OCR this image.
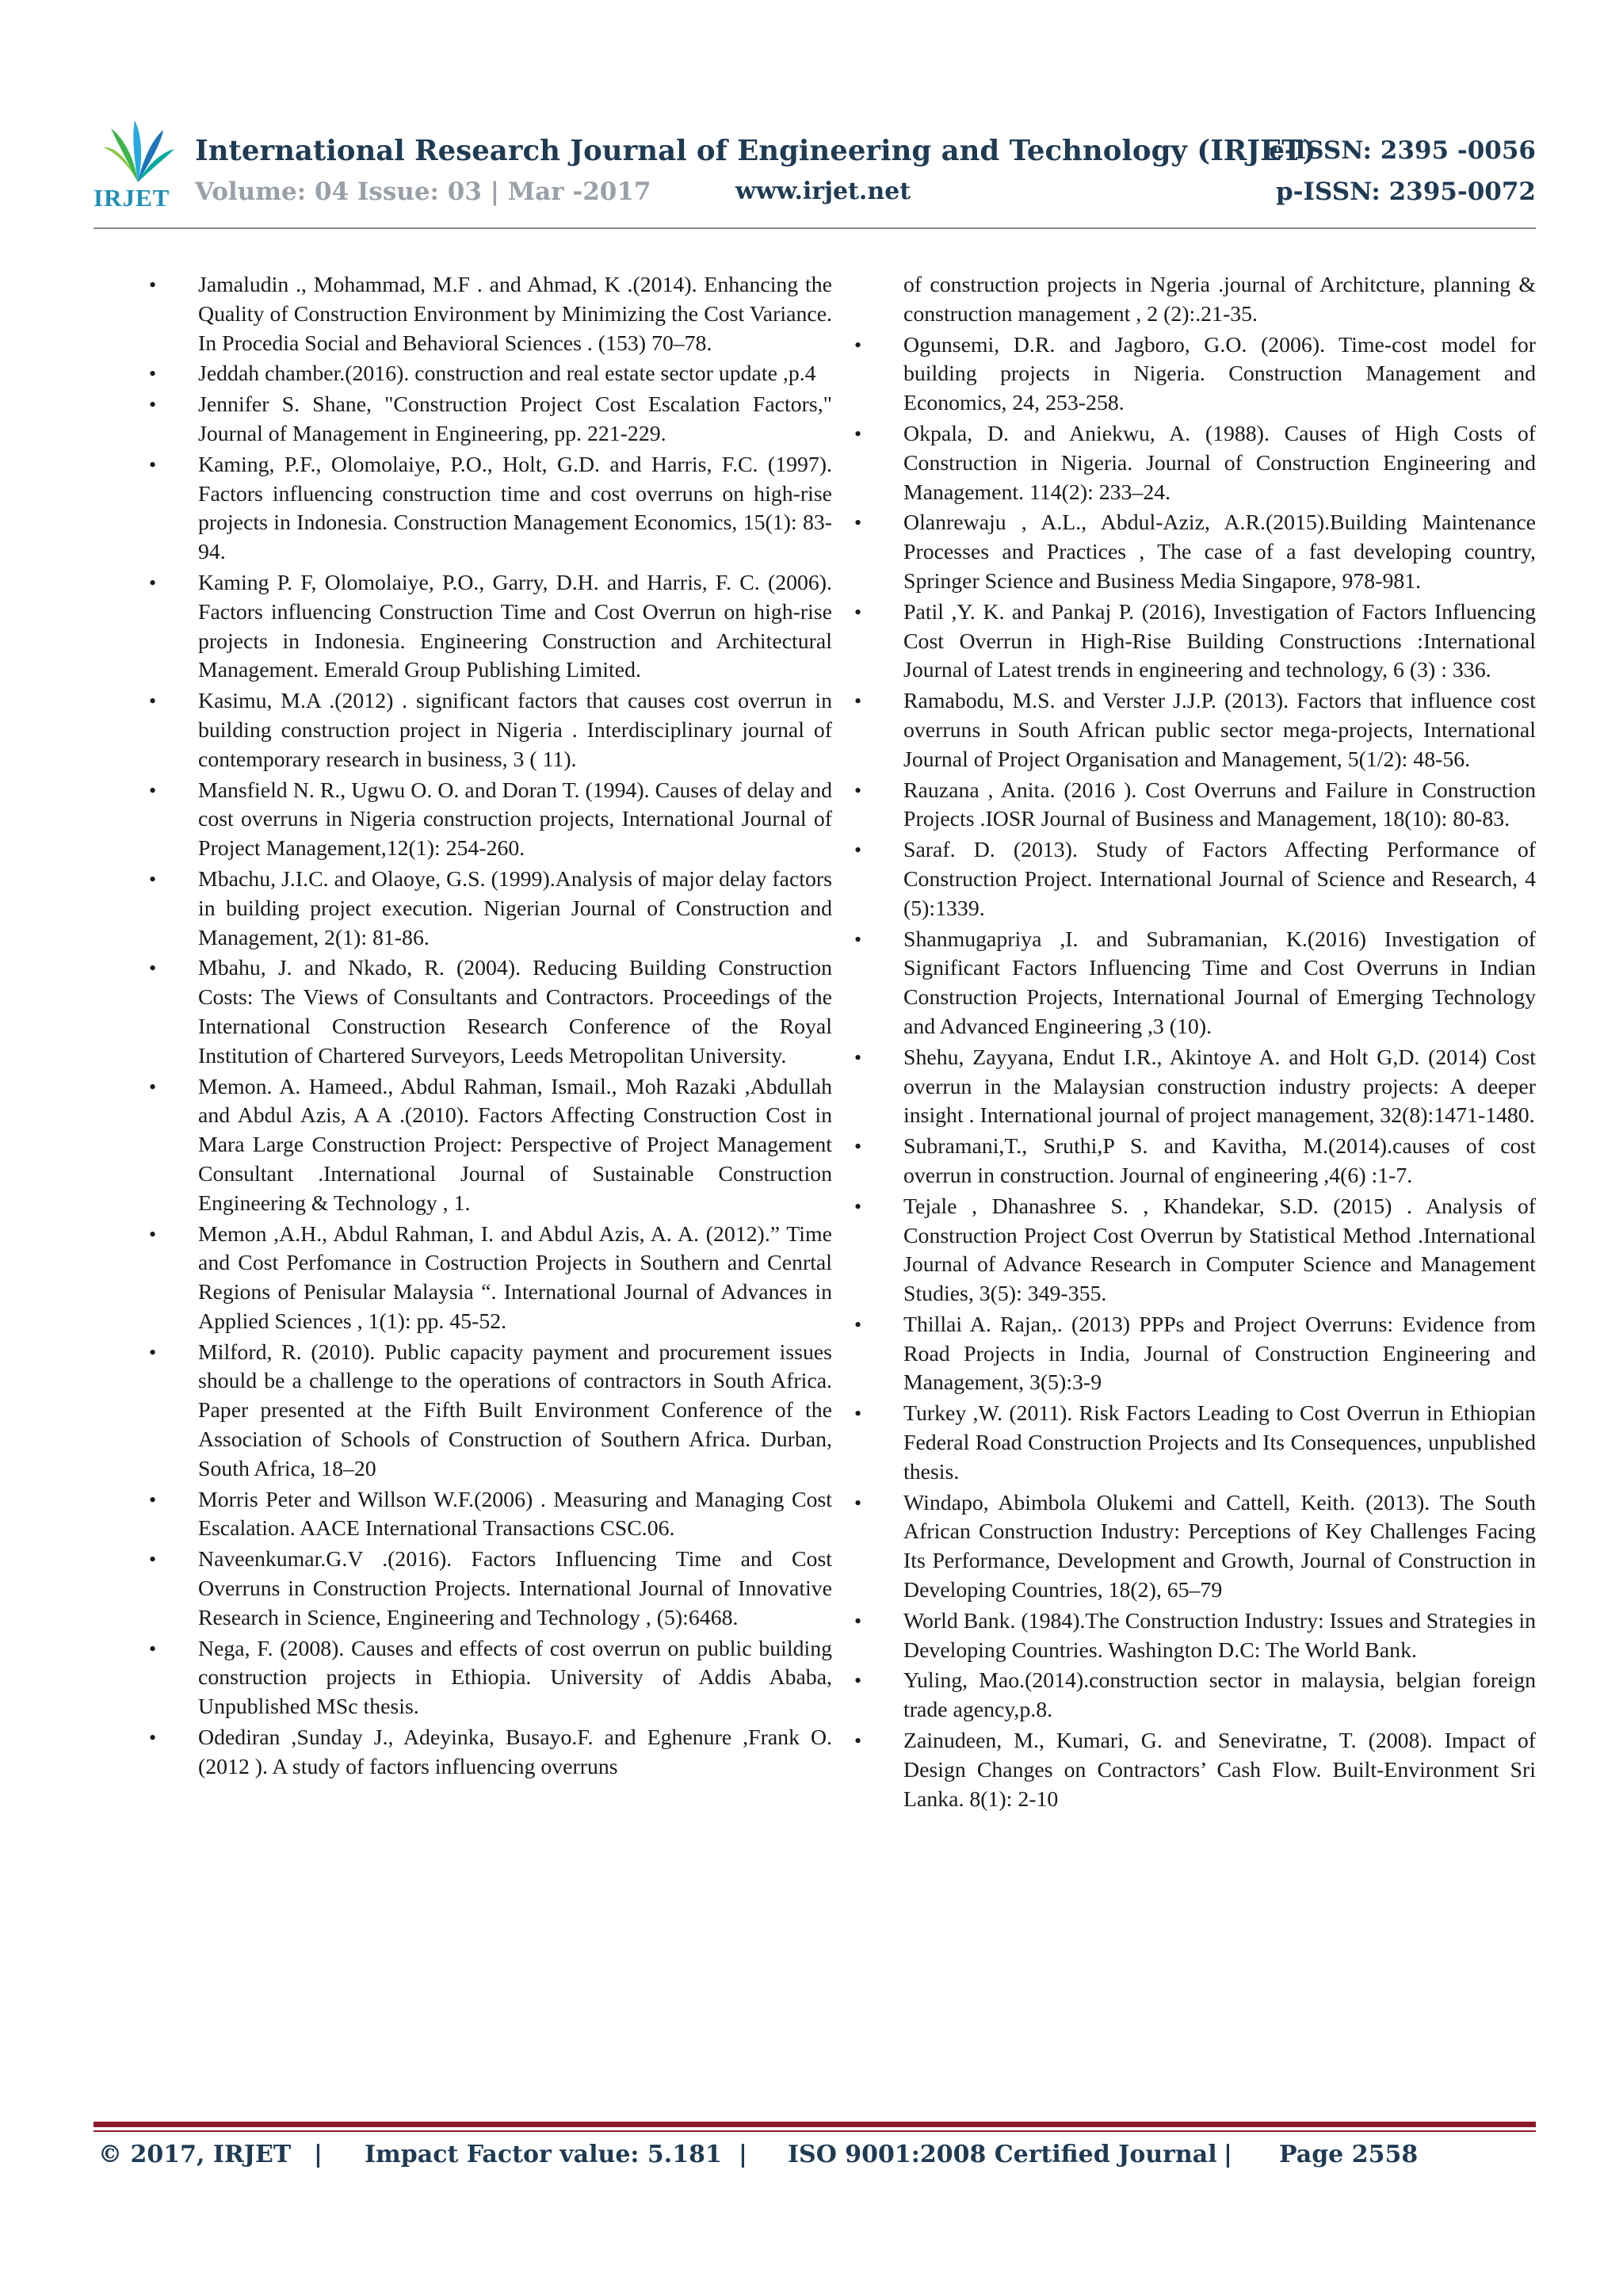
IRJET
International Research Journal of Engineering and Technology (IRJET)
e-ISSN: 2395 -0056
Volume: 04 Issue: 03 | Mar -2017	www.irjet.net	p-ISSN: 2395-0072
• Jamaludin ., Mohammad, M.F . and Ahmad, K .(2014). Enhancing the Quality of Construction Environment by Minimizing the Cost Variance. In Procedia Social and Behavioral Sciences . (153) 70–78.
• Jeddah chamber.(2016). construction and real estate sector update ,p.4
• Jennifer S. Shane, "Construction Project Cost Escalation Factors," Journal of Management in Engineering, pp. 221-229.
• Kaming, P.F., Olomolaiye, P.O., Holt, G.D. and Harris, F.C. (1997). Factors influencing construction time and cost overruns on high-rise projects in Indonesia. Construction Management Economics, 15(1): 83-94.
• Kaming P. F, Olomolaiye, P.O., Garry, D.H. and Harris, F. C. (2006). Factors influencing Construction Time and Cost Overrun on high-rise projects in Indonesia. Engineering Construction and Architectural Management. Emerald Group Publishing Limited.
• Kasimu, M.A .(2012) . significant factors that causes cost overrun in building construction project in Nigeria . Interdisciplinary journal of contemporary research in business, 3 ( 11).
• Mansfield N. R., Ugwu O. O. and Doran T. (1994). Causes of delay and cost overruns in Nigeria construction projects, International Journal of Project Management,12(1): 254-260.
• Mbachu, J.I.C. and Olaoye, G.S. (1999).Analysis of major delay factors in building project execution. Nigerian Journal of Construction and Management, 2(1): 81-86.
• Mbahu, J. and Nkado, R. (2004). Reducing Building Construction Costs: The Views of Consultants and Contractors. Proceedings of the International Construction Research Conference of the Royal Institution of Chartered Surveyors, Leeds Metropolitan University.
• Memon. A. Hameed., Abdul Rahman, Ismail., Moh Razaki ,Abdullah and Abdul Azis, A A .(2010). Factors Affecting Construction Cost in Mara Large Construction Project: Perspective of Project Management Consultant .International Journal of Sustainable Construction Engineering & Technology , 1.
• Memon ,A.H., Abdul Rahman, I. and Abdul Azis, A. A. (2012).” Time and Cost Perfomance in Costruction Projects in Southern and Cenrtal Regions of Penisular Malaysia “. International Journal of Advances in Applied Sciences , 1(1): pp. 45-52.
• Milford, R. (2010). Public capacity payment and procurement issues should be a challenge to the operations of contractors in South Africa. Paper presented at the Fifth Built Environment Conference of the Association of Schools of Construction of Southern Africa. Durban, South Africa, 18–20
• Morris Peter and Willson W.F.(2006) . Measuring and Managing Cost Escalation. AACE International Transactions CSC.06.
• Naveenkumar.G.V .(2016). Factors Influencing Time and Cost Overruns in Construction Projects. International Journal of Innovative Research in Science, Engineering and Technology , (5):6468.
• Nega, F. (2008). Causes and effects of cost overrun on public building construction projects in Ethiopia. University of Addis Ababa, Unpublished MSc thesis.
• Odediran ,Sunday J., Adeyinka, Busayo.F. and Eghenure ,Frank O.(2012 ). A study of factors influencing overruns
of construction projects in Ngeria .journal of Architcture, planning & construction management , 2 (2):.21-35.
• Ogunsemi, D.R. and Jagboro, G.O. (2006). Time-cost model for building projects in Nigeria. Construction Management and Economics, 24, 253-258.
• Okpala, D. and Aniekwu, A. (1988). Causes of High Costs of Construction in Nigeria. Journal of Construction Engineering and Management. 114(2): 233–24.
• Olanrewaju , A.L., Abdul-Aziz, A.R.(2015).Building Maintenance Processes and Practices , The case of a fast developing country, Springer Science and Business Media Singapore, 978-981.
• Patil ,Y. K. and Pankaj P. (2016), Investigation of Factors Influencing Cost Overrun in High-Rise Building Constructions :International Journal of Latest trends in engineering and technology, 6 (3) : 336.
• Ramabodu, M.S. and Verster J.J.P. (2013). Factors that influence cost overruns in South African public sector mega-projects, International Journal of Project Organisation and Management, 5(1/2): 48-56.
• Rauzana , Anita. (2016 ). Cost Overruns and Failure in Construction Projects .IOSR Journal of Business and Management, 18(10): 80-83.
• Saraf. D. (2013). Study of Factors Affecting Performance of Construction Project. International Journal of Science and Research, 4 (5):1339.
• Shanmugapriya ,I. and Subramanian, K.(2016) Investigation of Significant Factors Influencing Time and Cost Overruns in Indian Construction Projects, International Journal of Emerging Technology and Advanced Engineering ,3 (10).
• Shehu, Zayyana, Endut I.R., Akintoye A. and Holt G,D. (2014) Cost overrun in the Malaysian construction industry projects: A deeper insight . International journal of project management, 32(8):1471-1480.
• Subramani,T., Sruthi,P S. and Kavitha, M.(2014).causes of cost overrun in construction. Journal of engineering ,4(6) :1-7.
• Tejale , Dhanashree S. , Khandekar, S.D. (2015) . Analysis of Construction Project Cost Overrun by Statistical Method .International Journal of Advance Research in Computer Science and Management Studies, 3(5): 349-355.
• Thillai A. Rajan,. (2013) PPPs and Project Overruns: Evidence from Road Projects in India, Journal of Construction Engineering and Management, 3(5):3-9
• Turkey ,W. (2011). Risk Factors Leading to Cost Overrun in Ethiopian Federal Road Construction Projects and Its Consequences, unpublished thesis.
• Windapo, Abimbola Olukemi and Cattell, Keith. (2013). The South African Construction Industry: Perceptions of Key Challenges Facing Its Performance, Development and Growth, Journal of Construction in Developing Countries, 18(2), 65–79
• World Bank. (1984).The Construction Industry: Issues and Strategies in Developing Countries. Washington D.C: The World Bank.
• Yuling, Mao.(2014).construction sector in malaysia, belgian foreign trade agency,p.8.
• Zainudeen, M., Kumari, G. and Seneviratne, T. (2008). Impact of Design Changes on Contractors’ Cash Flow. Built-Environment Sri Lanka. 8(1): 2-10
© 2017, IRJET | Impact Factor value: 5.181 | ISO 9001:2008 Certified Journal | Page 2558
